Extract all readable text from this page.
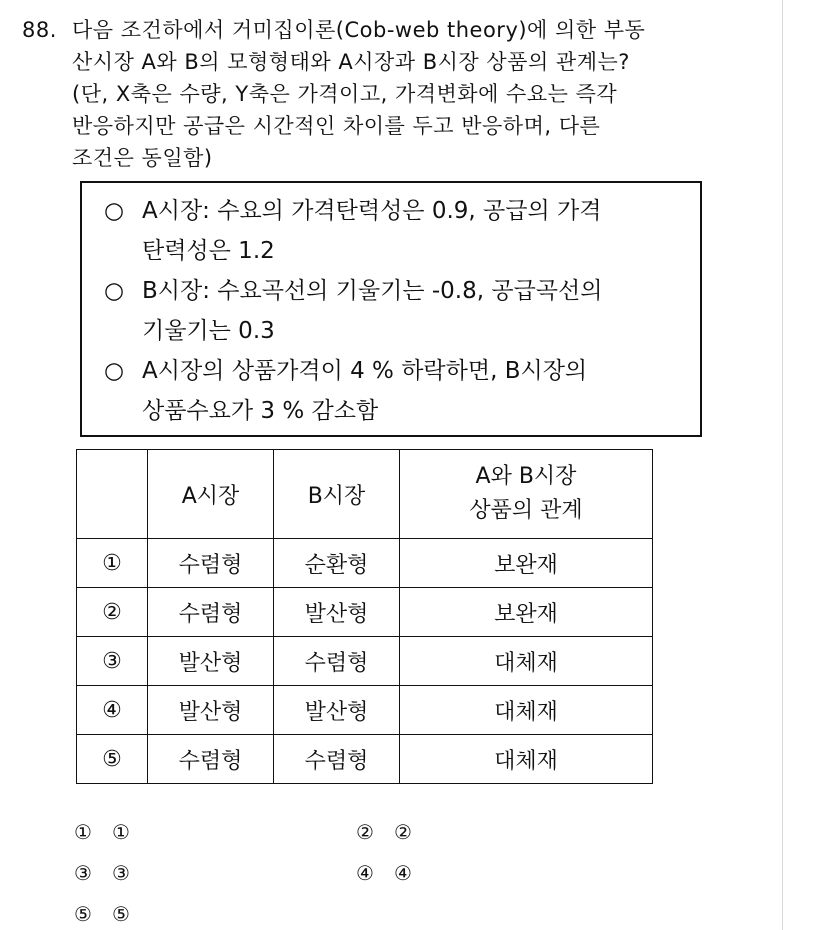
88. 다음 조건하에서 거미집이론(Cob-web theory)에 의한 부동
산시장 A와 B의 모형형태와 A시장과 B시장 상품의 관계는?
(단, X축은 수량, Y축은 가격이고, 가격변화에 수요는 즉각
반응하지만 공급은 시간적인 차이를 두고 반응하며, 다른
조건은 동일함)
○ A시장: 수요의 가격탄력성은 0.9, 공급의 가격
탄력성은 1.2
○ B시장: 수요곡선의 기울기는 -0.8, 공급곡선의
기울기는 0.3
○ A시장의 상품가격이 4 % 하락하면, B시장의
상품수요가 3 % 감소함
	A시장	B시장	A와 B시장
상품의 관계

①	수렴형	순환형	보완재
②	수렴형	발산형	보완재
③	발산형	수렴형	대체재
④	발산형	발산형	대체재
⑤	수렴형	수렴형	대체재
① ①	② ②
③ ③	④ ④
⑤ ⑤
